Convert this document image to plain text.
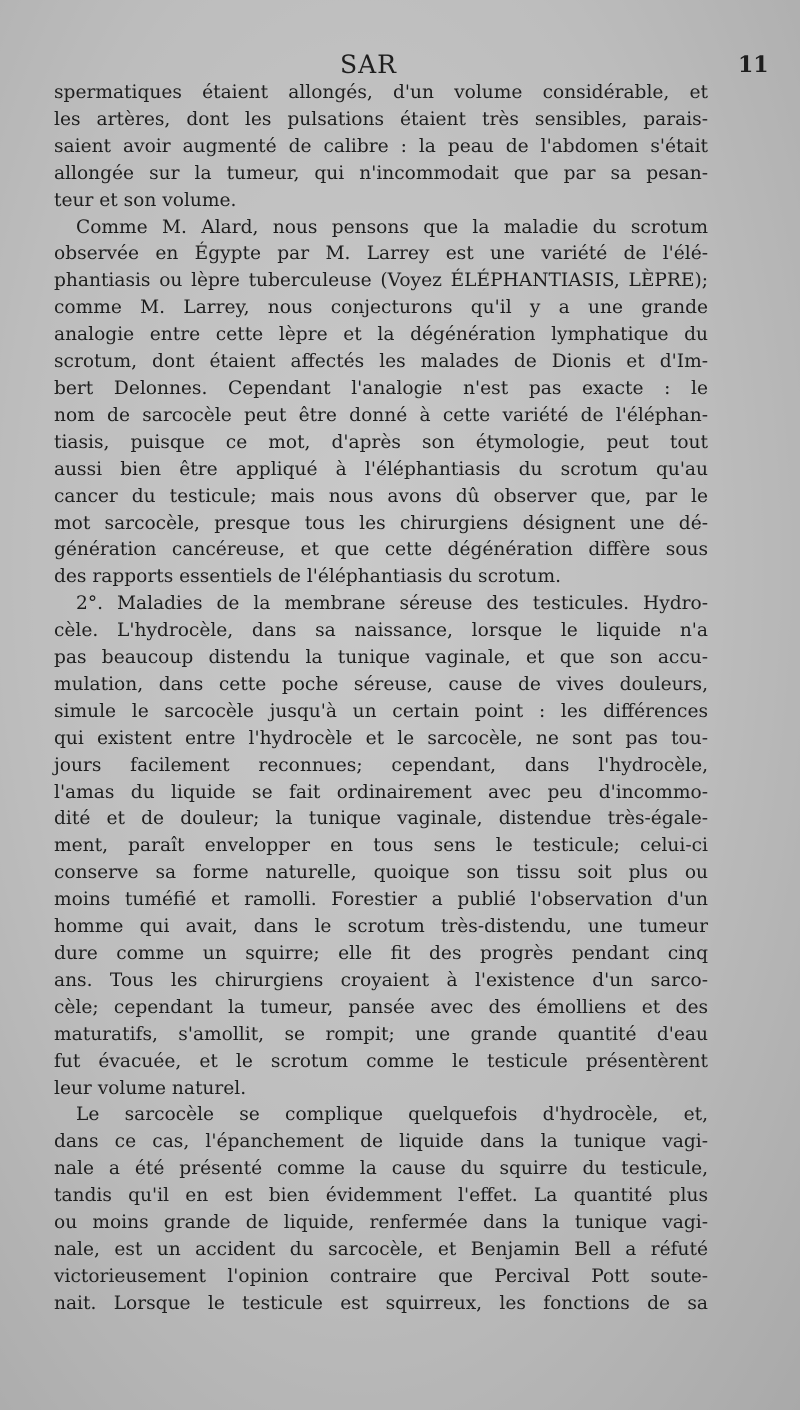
SAR	11

spermatiques étaient allongés, d'un volume considérable, et
les artères, dont les pulsations étaient très sensibles, parais-
saient avoir augmenté de calibre : la peau de l'abdomen s'était
allongée sur la tumeur, qui n'incommodait que par sa pesan-
teur et son volume.

Comme M. Alard, nous pensons que la maladie du scrotum
observée en Égypte par M. Larrey est une variété de l'élé-
phantiasis ou lèpre tuberculeuse (Voyez ÉLÉPHANTIASIS, LÈPRE);
comme M. Larrey, nous conjecturons qu'il y a une grande
analogie entre cette lèpre et la dégénération lymphatique du
scrotum, dont étaient affectés les malades de Dionis et d'Im-
bert Delonnes. Cependant l'analogie n'est pas exacte : le
nom de sarcocèle peut être donné à cette variété de l'éléphan-
tiasis, puisque ce mot, d'après son étymologie, peut tout
aussi bien être appliqué à l'éléphantiasis du scrotum qu'au
cancer du testicule; mais nous avons dû observer que, par le
mot sarcocèle, presque tous les chirurgiens désignent une dé-
génération cancéreuse, et que cette dégénération diffère sous
des rapports essentiels de l'éléphantiasis du scrotum.

2°. Maladies de la membrane séreuse des testicules. Hydro-
cèle. L'hydrocèle, dans sa naissance, lorsque le liquide n'a
pas beaucoup distendu la tunique vaginale, et que son accu-
mulation, dans cette poche séreuse, cause de vives douleurs,
simule le sarcocèle jusqu'à un certain point : les différences
qui existent entre l'hydrocèle et le sarcocèle, ne sont pas tou-
jours facilement reconnues; cependant, dans l'hydrocèle,
l'amas du liquide se fait ordinairement avec peu d'incommo-
dité et de douleur; la tunique vaginale, distendue très-égale-
ment, paraît envelopper en tous sens le testicule; celui-ci
conserve sa forme naturelle, quoique son tissu soit plus ou
moins tuméfié et ramolli. Forestier a publié l'observation d'un
homme qui avait, dans le scrotum très-distendu, une tumeur
dure comme un squirre; elle fit des progrès pendant cinq
ans. Tous les chirurgiens croyaient à l'existence d'un sarco-
cèle; cependant la tumeur, pansée avec des émolliens et des
maturatifs, s'amollit, se rompit; une grande quantité d'eau
fut évacuée, et le scrotum comme le testicule présentèrent
leur volume naturel.

Le sarcocèle se complique quelquefois d'hydrocèle, et,
dans ce cas, l'épanchement de liquide dans la tunique vagi-
nale a été présenté comme la cause du squirre du testicule,
tandis qu'il en est bien évidemment l'effet. La quantité plus
ou moins grande de liquide, renfermée dans la tunique vagi-
nale, est un accident du sarcocèle, et Benjamin Bell a réfuté
victorieusement l'opinion contraire que Percival Pott soute-
nait. Lorsque le testicule est squirreux, les fonctions de sa
